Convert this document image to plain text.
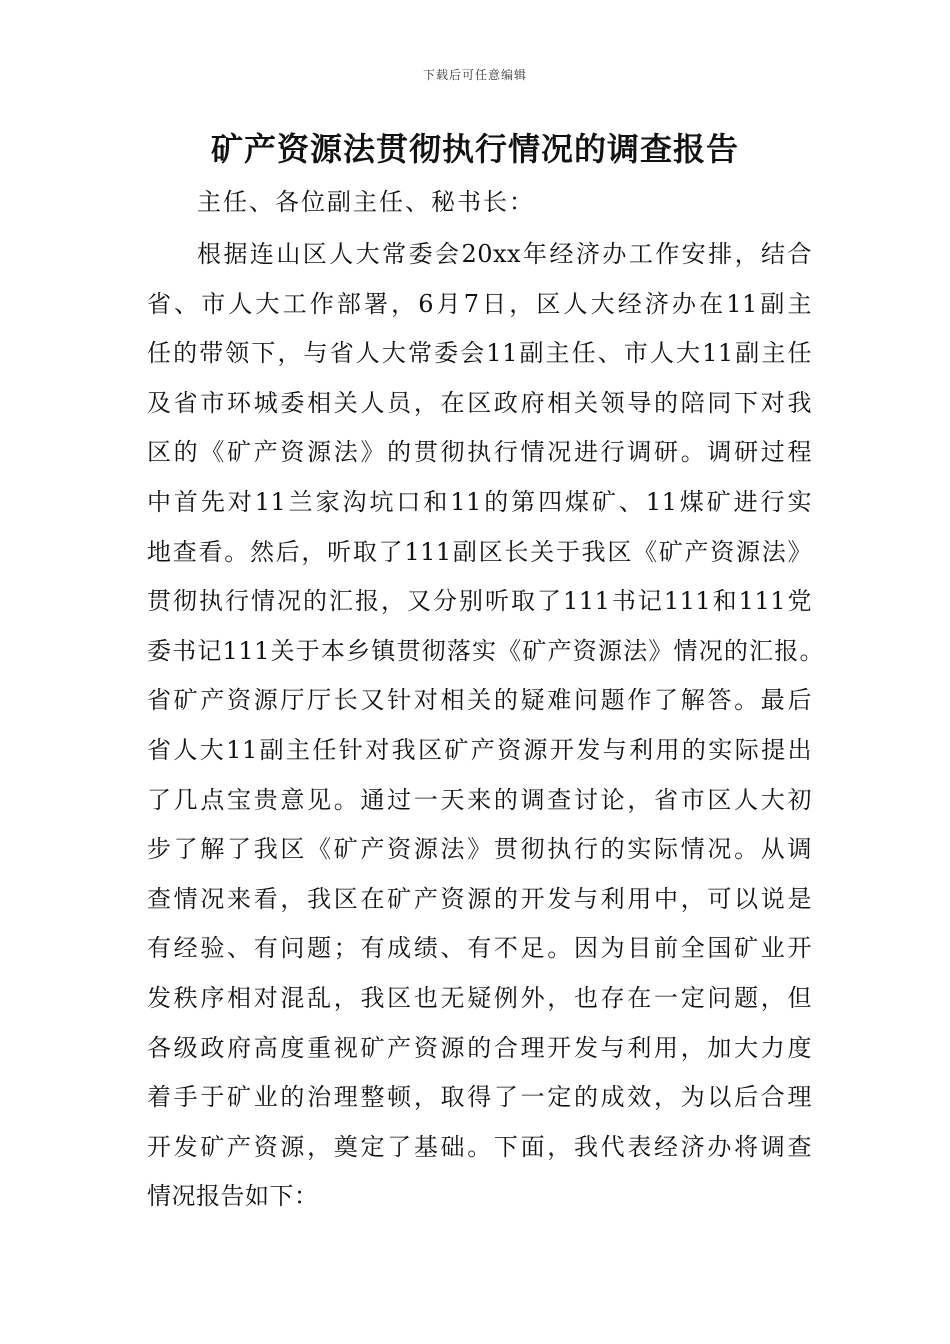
下载后可任意编辑
矿产资源法贯彻执行情况的调查报告

主任、各位副主任、秘书长：

根据连山区人大常委会20xx年经济办工作安排，结合
省、市人大工作部署，6月7日，区人大经济办在11副主
任的带领下，与省人大常委会11副主任、市人大11副主任
及省市环城委相关人员，在区政府相关领导的陪同下对我
区的《矿产资源法》的贯彻执行情况进行调研。调研过程
中首先对11兰家沟坑口和11的第四煤矿、11煤矿进行实
地查看。然后，听取了111副区长关于我区《矿产资源法》
贯彻执行情况的汇报，又分别听取了111书记111和111党
委书记111关于本乡镇贯彻落实《矿产资源法》情况的汇报。
省矿产资源厅厅长又针对相关的疑难问题作了解答。最后
省人大11副主任针对我区矿产资源开发与利用的实际提出
了几点宝贵意见。通过一天来的调查讨论，省市区人大初
步了解了我区《矿产资源法》贯彻执行的实际情况。从调
查情况来看，我区在矿产资源的开发与利用中，可以说是
有经验、有问题；有成绩、有不足。因为目前全国矿业开
发秩序相对混乱，我区也无疑例外，也存在一定问题，但
各级政府高度重视矿产资源的合理开发与利用，加大力度
着手于矿业的治理整顿，取得了一定的成效，为以后合理
开发矿产资源，奠定了基础。下面，我代表经济办将调查
情况报告如下：
